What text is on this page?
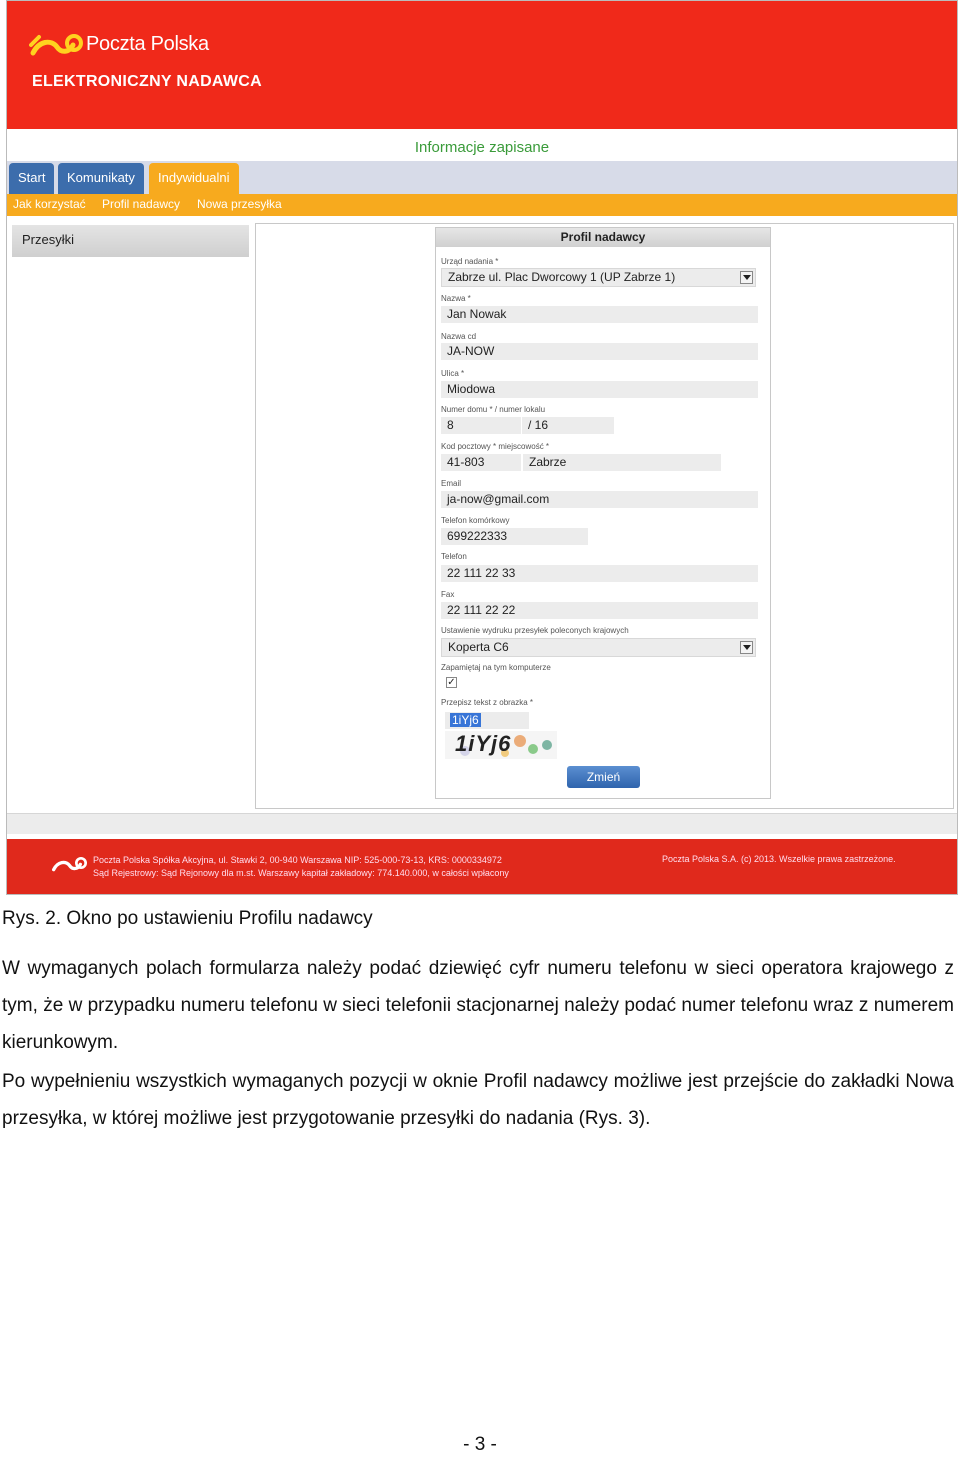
Poczta Polska
ELEKTRONICZNY NADAWCA
Informacje zapisane
Start	Komunikaty	Indywidualni
Jak korzystać Profil nadawcy Nowa przesyłka
Przesyłki	Profil nadawcy
Urząd nadania *
Zabrze ul. Plac Dworcowy 1 (UP Zabrze 1)
Nazwa *
Jan Nowak
Nazwa cd
JA-NOW
Ulica *
Miodowa
Numer domu * / numer lokalu
8	/ 16
Kod pocztowy * miejscowość *
41-803	Zabrze
Email
ja-now@gmail.com
Telefon komórkowy
699222333
Telefon
22 111 22 33
Fax
22 111 22 22
Ustawienie wydruku przesyłek poleconych krajowych
Koperta C6
Zapamiętaj na tym komputerze
✓
Przepisz tekst z obrazka *
1iYj6
1iYj6
Zmień
Poczta Polska Spółka Akcyjna, ul. Stawki 2, 00-940 Warszawa NIP: 525-000-73-13, KRS: 0000334972
Sąd Rejestrowy: Sąd Rejonowy dla m.st. Warszawy kapitał zakładowy: 774.140.000, w całości wpłacony
Poczta Polska S.A. (c) 2013. Wszelkie prawa zastrzeżone.
Rys. 2. Okno po ustawieniu Profilu nadawcy
W wymaganych polach formularza należy podać dziewięć cyfr numeru telefonu w sieci operatora krajowego z tym, że w przypadku numeru telefonu w sieci telefonii stacjonarnej należy podać numer telefonu wraz z numerem kierunkowym.
Po wypełnieniu wszystkich wymaganych pozycji w oknie Profil nadawcy możliwe jest przejście do zakładki Nowa przesyłka, w której możliwe jest przygotowanie przesyłki do nadania (Rys. 3).
- 3 -
